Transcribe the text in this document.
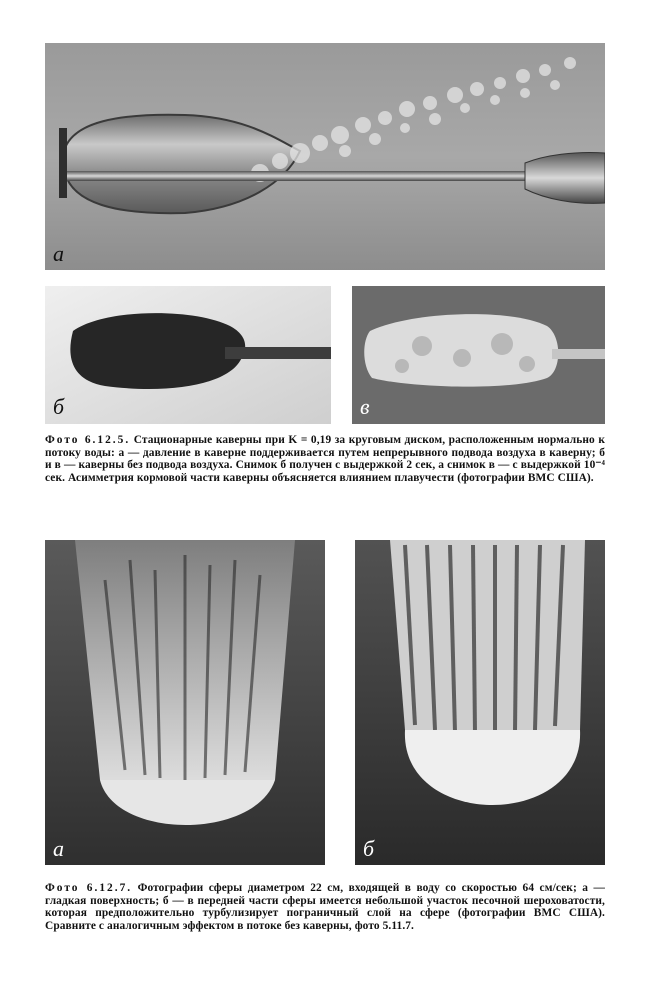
а
б	в
Фото 6.12.5. Стационарные каверны при K = 0,19 за круговым диском, расположенным нормально к потоку воды: а — давление в каверне поддерживается путем непрерывного подвода воздуха в каверну; б и в — каверны без подвода воздуха. Снимок б получен с выдержкой 2 сек, а снимок в — с выдержкой 10⁻⁴ сек. Асимметрия кормовой части каверны объясняется влиянием плавучести (фотографии ВМС США).
а	б
Фото 6.12.7. Фотографии сферы диаметром 22 см, входящей в воду со скоростью 64 см/сек; а — гладкая поверхность; б — в передней части сферы имеется небольшой участок песочной шероховатости, которая предположительно турбулизирует пограничный слой на сфере (фотографии ВМС США). Сравните с аналогичным эффектом в потоке без каверны, фото 5.11.7.
